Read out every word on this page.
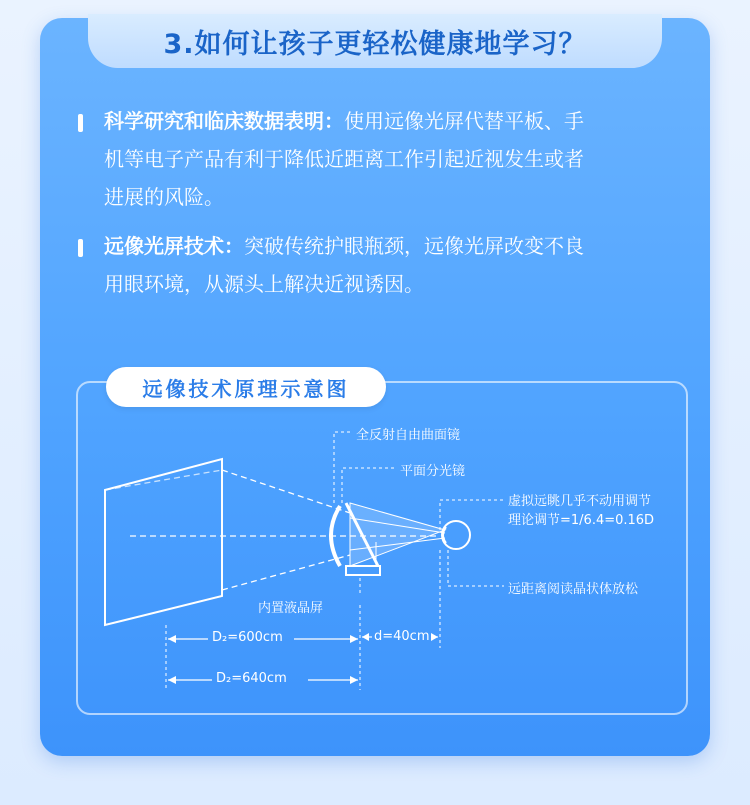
3.如何让孩子更轻松健康地学习？
科学研究和临床数据表明：使用远像光屏代替平板、手
机等电子产品有利于降低近距离工作引起近视发生或者
进展的风险。
远像光屏技术：突破传统护眼瓶颈，远像光屏改变不良
用眼环境，从源头上解决近视诱因。
远像技术原理示意图
全反射自由曲面镜
平面分光镜
虚拟远眺几乎不动用调节
理论调节=1/6.4=0.16D
远距离阅读晶状体放松
内置液晶屏
D₂=600cm	d=40cm
D₂=640cm
